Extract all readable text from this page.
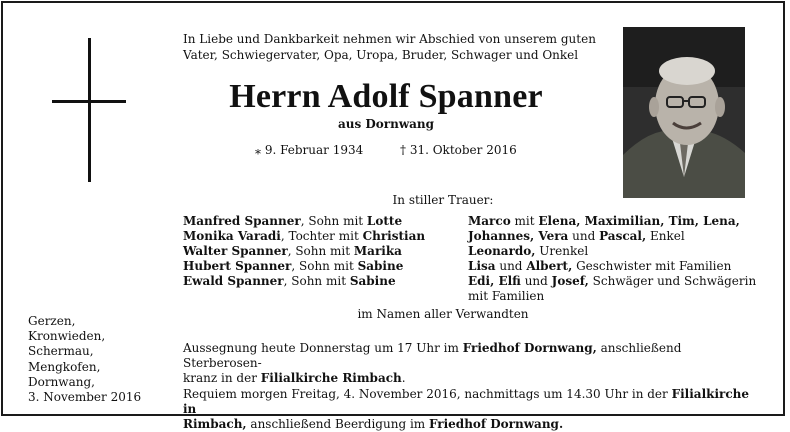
In Liebe und Dankbarkeit nehmen wir Abschied von unserem guten
Vater, Schwiegervater, Opa, Uropa, Bruder, Schwager und Onkel
Herrn Adolf Spanner
aus Dornwang
⁎ 9. Februar 1934	† 31. Oktober 2016
In stiller Trauer:
Manfred Spanner, Sohn mit Lotte
Monika Varadi, Tochter mit Christian
Walter Spanner, Sohn mit Marika
Hubert Spanner, Sohn mit Sabine
Ewald Spanner, Sohn mit Sabine
Marco mit Elena, Maximilian, Tim, Lena,
Johannes, Vera und Pascal, Enkel
Leonardo, Urenkel
Lisa und Albert, Geschwister mit Familien
Edi, Elfi und Josef, Schwäger und Schwägerin
mit Familien
im Namen aller Verwandten
Gerzen,
Kronwieden,
Schermau,
Mengkofen,
Dornwang,
3. November 2016
Aussegnung heute Donnerstag um 17 Uhr im Friedhof Dornwang, anschließend Sterberosen-
kranz in der Filialkirche Rimbach.
Requiem morgen Freitag, 4. November 2016, nachmittags um 14.30 Uhr in der Filialkirche in
Rimbach, anschließend Beerdigung im Friedhof Dornwang.
